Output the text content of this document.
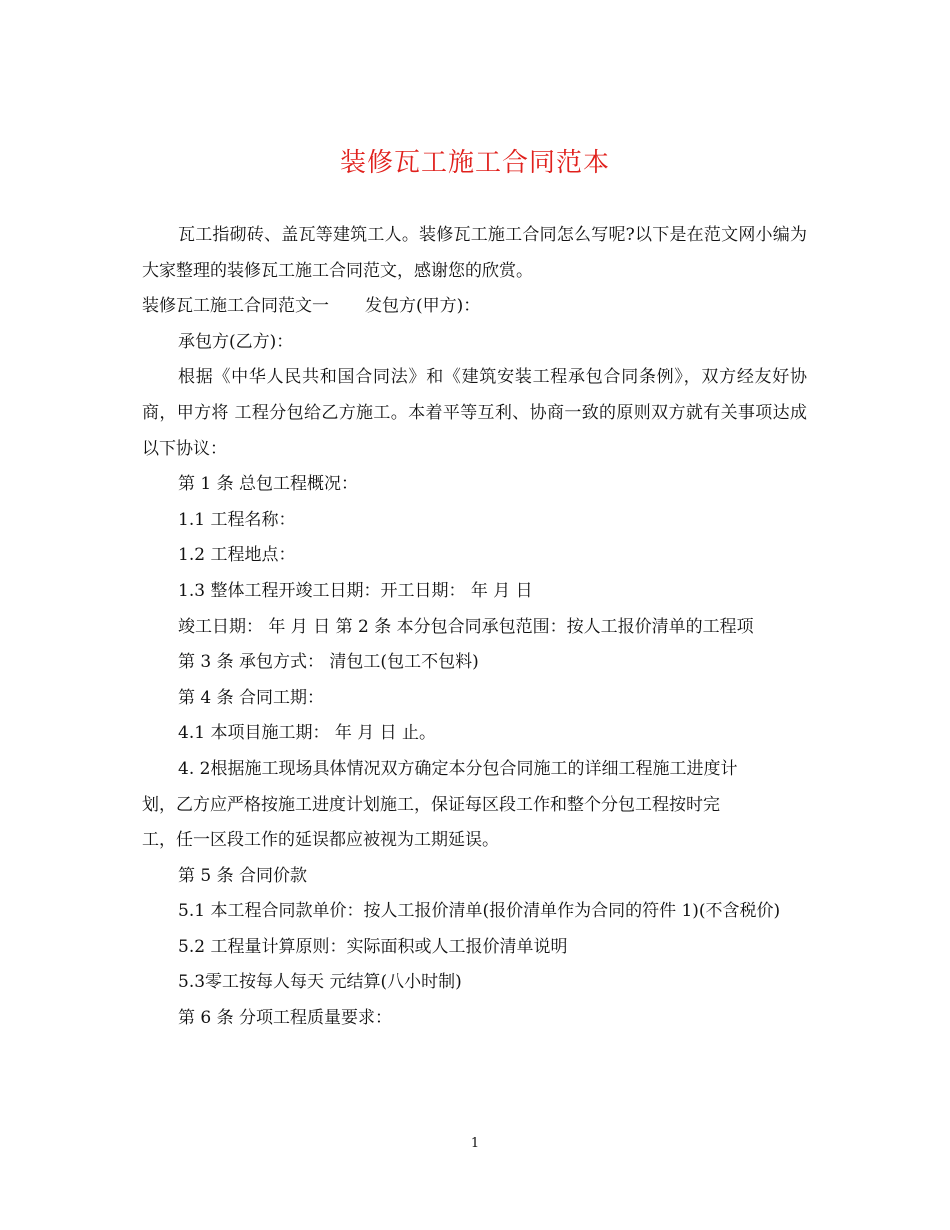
装修瓦工施工合同范本

瓦工指砌砖、盖瓦等建筑工人。装修瓦工施工合同怎么写呢?以下是在范文网小编为大家整理的装修瓦工施工合同范文，感谢您的欣赏。

装修瓦工施工合同范文一 发包方(甲方)：

承包方(乙方)：

根据《中华人民共和国合同法》和《建筑安装工程承包合同条例》，双方经友好协商，甲方将 工程分包给乙方施工。本着平等互利、协商一致的原则双方就有关事项达成以下协议：

第 1 条 总包工程概况：

1.1 工程名称：

1.2 工程地点：

1.3 整体工程开竣工日期：开工日期： 年 月 日

竣工日期： 年 月 日 第 2 条 本分包合同承包范围：按人工报价清单的工程项

第 3 条 承包方式： 清包工(包工不包料)

第 4 条 合同工期：

4.1 本项目施工期： 年 月 日 止。

4. 2根据施工现场具体情况双方确定本分包合同施工的详细工程施工进度计

划，乙方应严格按施工进度计划施工，保证每区段工作和整个分包工程按时完

工，任一区段工作的延误都应被视为工期延误。

第 5 条 合同价款

5.1 本工程合同款单价：按人工报价清单(报价清单作为合同的符件 1)(不含税价)

5.2 工程量计算原则：实际面积或人工报价清单说明

5.3零工按每人每天 元结算(八小时制)

第 6 条 分项工程质量要求：

1
